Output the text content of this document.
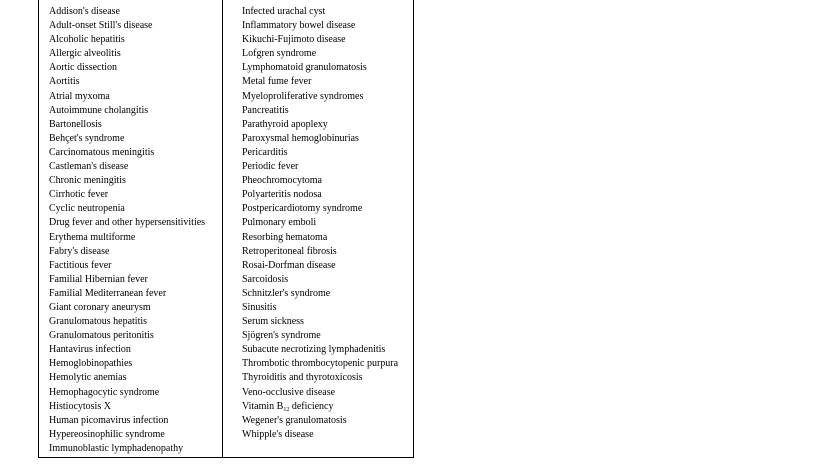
Addison's disease
Adult-onset Still's disease
Alcoholic hepatitis
Allergic alveolitis
Aortic dissection
Aortitis
Atrial myxoma
Autoimmune cholangitis
Bartonellosis
Behçet's syndrome
Carcinomatous meningitis
Castleman's disease
Chronic meningitis
Cirrhotic fever
Cyclic neutropenia
Drug fever and other hypersensitivities
Erythema multiforme
Fabry's disease
Factitious fever
Familial Hibernian fever
Familial Mediterranean fever
Giant coronary aneurysm
Granulomatous hepatitis
Granulomatous peritonitis
Hantavirus infection
Hemoglobinopathies
Hemolytic anemias
Hemophagocytic syndrome
Histiocytosis X
Human picomavirus infection
Hypereosinophilic syndrome
Immunoblastic lymphadenopathy
Infected urachal cyst
Inflammatory bowel disease
Kikuchi-Fujimoto disease
Lofgren syndrome
Lymphomatoid granulomatosis
Metal fume fever
Myeloproliferative syndromes
Pancreatitis
Parathyroid apoplexy
Paroxysmal hemoglobinurias
Pericarditis
Periodic fever
Pheochromocytoma
Polyarteritis nodosa
Postpericardiotomy syndrome
Pulmonary emboli
Resorbing hematoma
Retroperitoneal fibrosis
Rosai-Dorfman disease
Sarcoidosis
Schnitzler's syndrome
Sinusitis
Serum sickness
Sjögren's syndrome
Subacute necrotizing lymphadenitis
Thrombotic thrombocytopenic purpura
Thyroiditis and thyrotoxicosis
Veno-occlusive disease
Vitamin $B_{12}$ deficiency
Wegener's granulomatosis
Whipple's disease
